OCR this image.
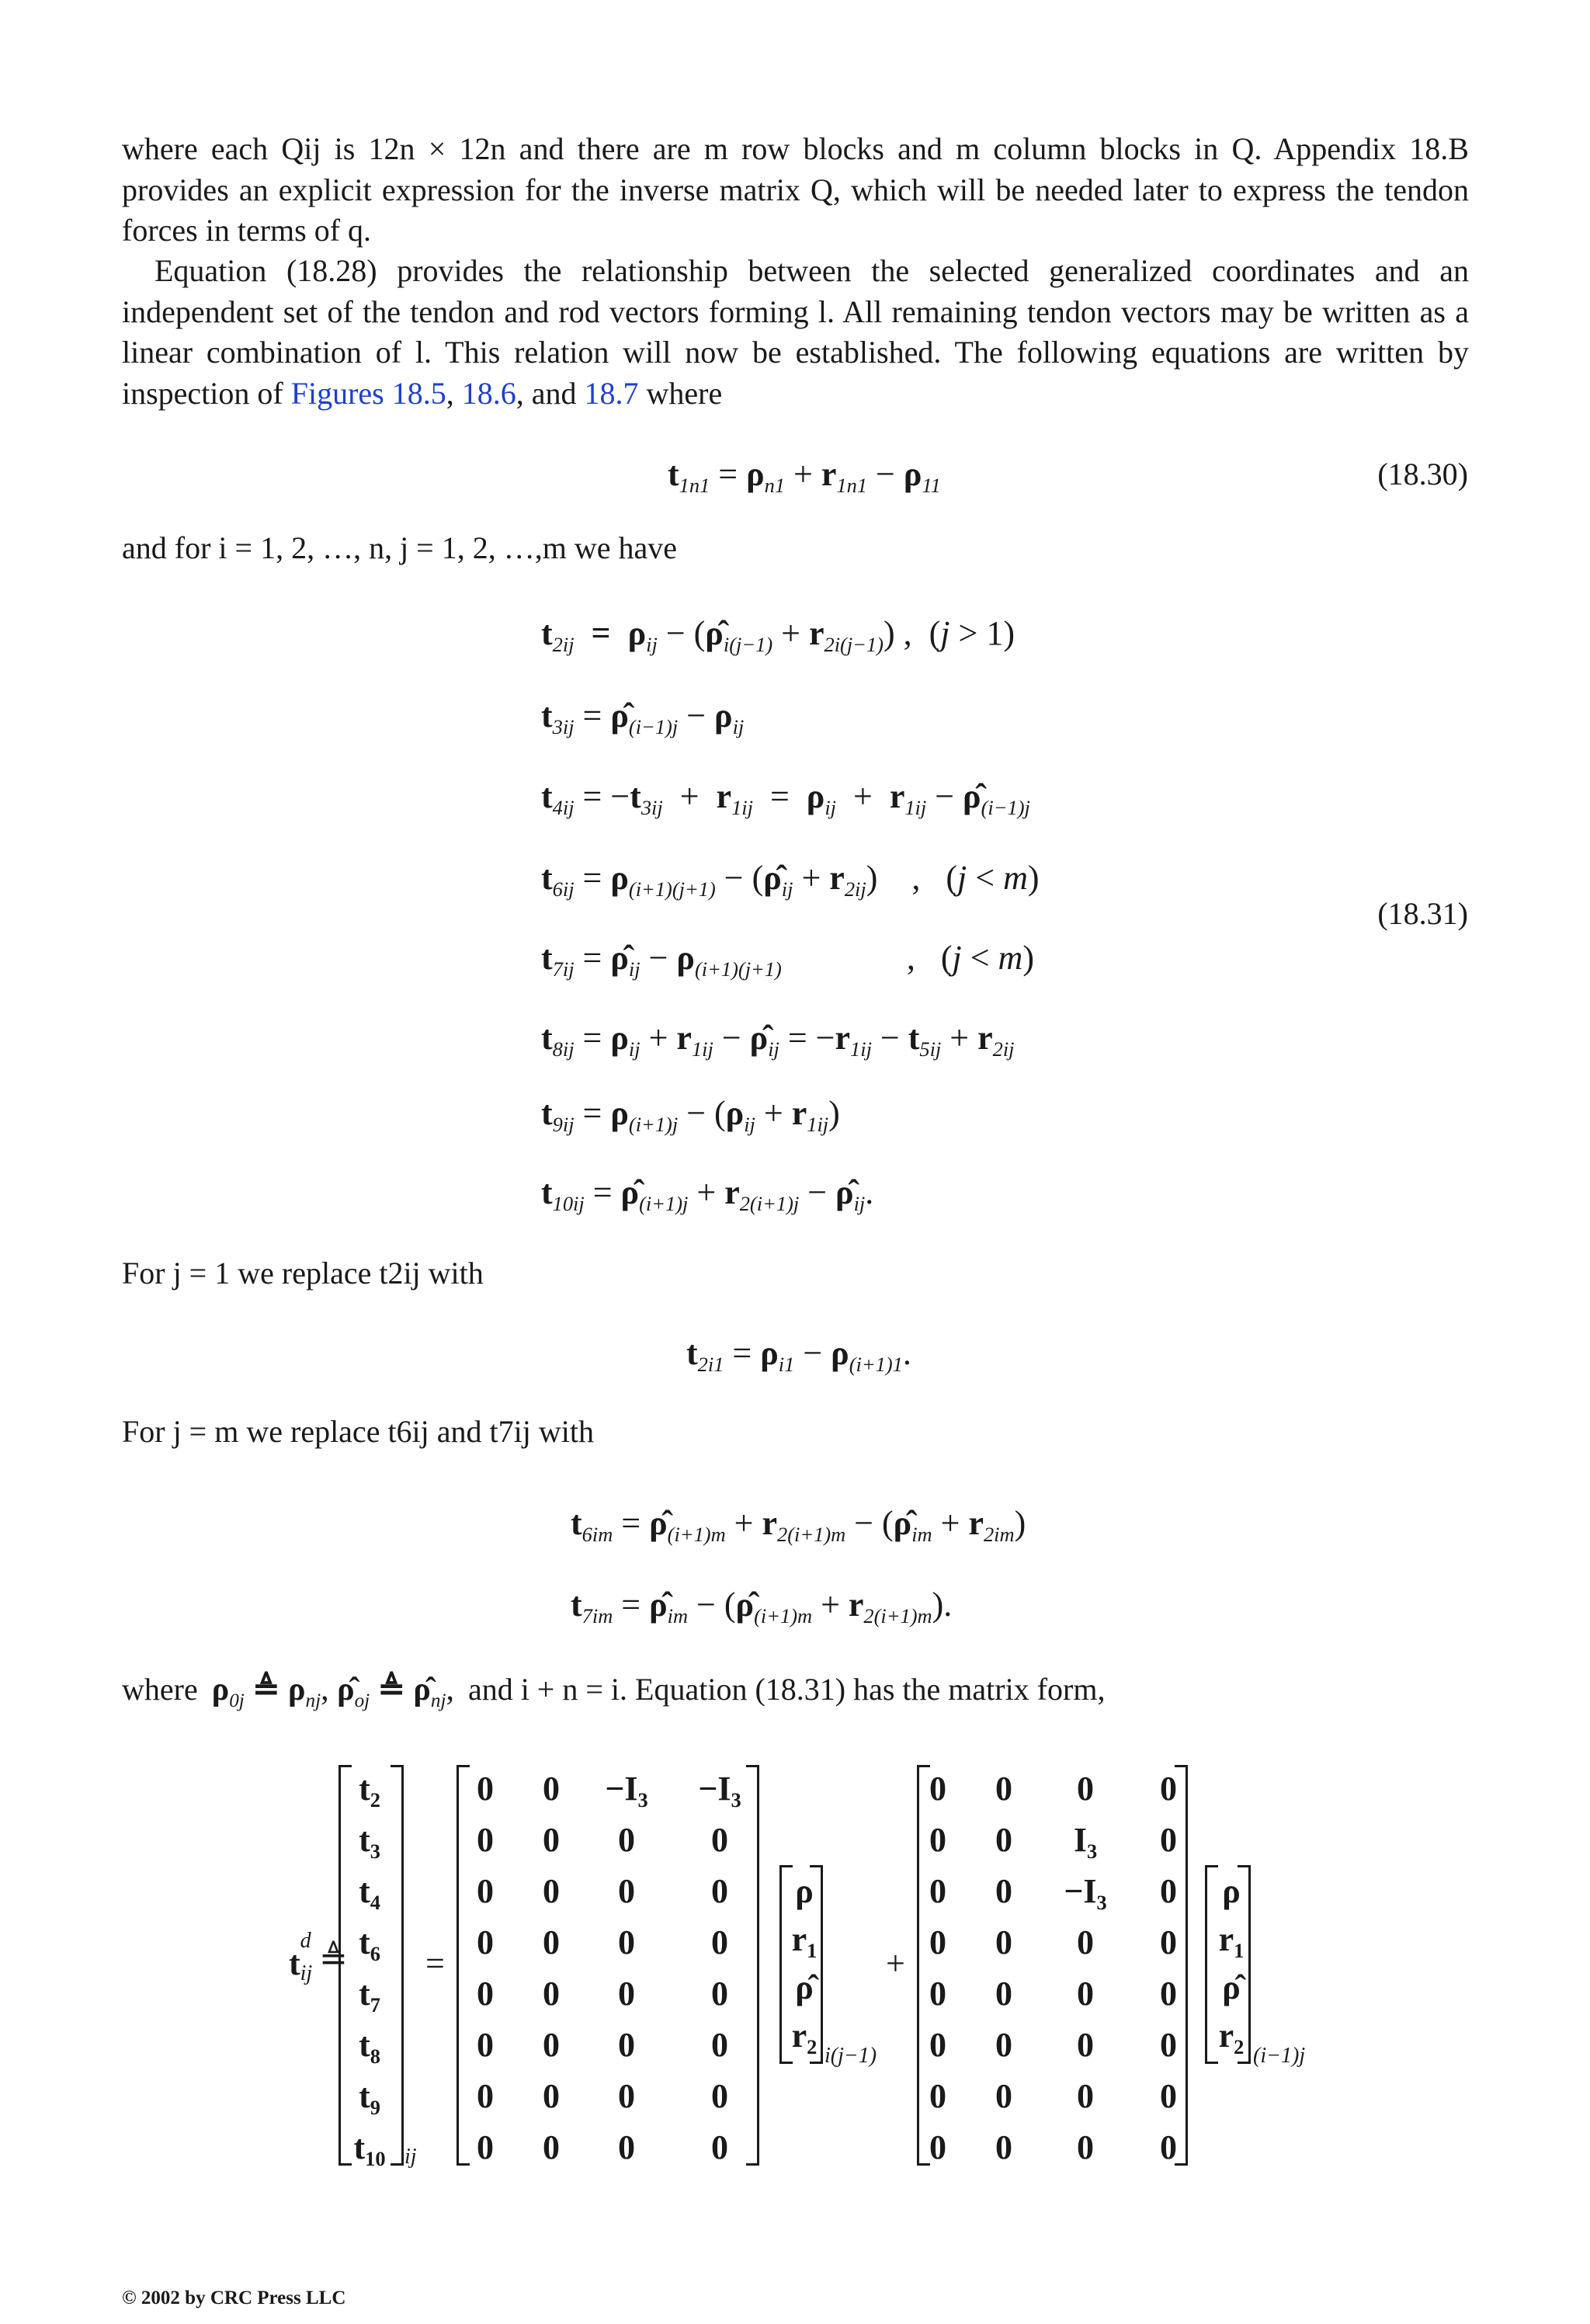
where each Qij is 12n × 12n and there are m row blocks and m column blocks in Q. Appendix 18.B provides an explicit expression for the inverse matrix Q, which will be needed later to express the tendon forces in terms of q.
Equation (18.28) provides the relationship between the selected generalized coordinates and an independent set of the tendon and rod vectors forming l. All remaining tendon vectors may be written as a linear combination of l. This relation will now be established. The following equations are written by inspection of Figures 18.5, 18.6, and 18.7 where
$t_{1n1} = \rho_{n1} + r_{1n1} - \rho_{11}$	(18.30)
and for i = 1, 2, …, n, j = 1, 2, …,m we have
$t_{2ij} = \rho_{ij}$ − $(\rhô_{i(j-1)} + r_{2i(j-1)})$ ,  (j > 1)
$t_{3ij}$ = $\rhô_{(i-1)j} - \rho_{ij}$
$t_{4ij} = -t_{3ij} + r_{1ij} = \rho_{ij} + r_{1ij}$ − $\rhô_{(i-1)j}$
$t_{6ij} = \rho_{(i+1)(j+1)}$ − $(\rhô_{ij} + r_{2ij})$    ,   (j < m)
(18.31)
$t_{7ij}$ = $\rhô_{ij} - \rho_{(i+1)(j+1)}$	,   (j < m)
$t_{8ij} = \rho_{ij} + r_{1ij}$ − $\rhô_{ij} = -r_{1ij} - t_{5ij} + r_{2ij}$
$t_{9ij} = \rho_{(i+1)j} - (\rho_{ij} + r_{1ij})$
$t_{10ij}$ = $\rhô_{(i+1)j} + r_{2(i+1)j}$ − $\rhô_{ij}$.
For j = 1 we replace t2ij with
$t_{2i1} = \rho_{i1} - \rho_{(i+1)1}$.
For j = m we replace t6ij and t7ij with
$t_{6im}$ = $\rhô_{(i+1)m} + r_{2(i+1)m}$ − $(\rhô_{im} + r_{2im})$
$t_{7im}$ = $\rhô_{im}$ − $(\rhô_{(i+1)m} + r_{2(i+1)m})$.
where $\rho_{0j}$ ≜ $\rho_{nj}$, $\rhô_{oj}$ ≜ $\rhô_{nj}$, and i + n = i. Equation (18.31) has the matrix form,
t
d
ij ≜
$t_2$
$t_3$
$t_4$
$t_6$
$t_7$
$t_8$
$t_9$
$t_{10}$ ij
=
0	0	$-I_3$	$-I_3$
0	0	0	0
0	0	0	0
0	0	0	0
0	0	0	0
0	0	0	0
0	0	0	0
0	0	0	0
ρ
$r_1$
ρ̂
$r_2$ i(j−1)
+
0	0	0	0
0	0	$I_3$	0
0	0	$-I_3$	0
0	0	0	0
0	0	0	0
0	0	0	0
0	0	0	0
0	0	0	0
ρ
$r_1$
ρ̂
$r_2$ (i−1)j
© 2002 by CRC Press LLC
